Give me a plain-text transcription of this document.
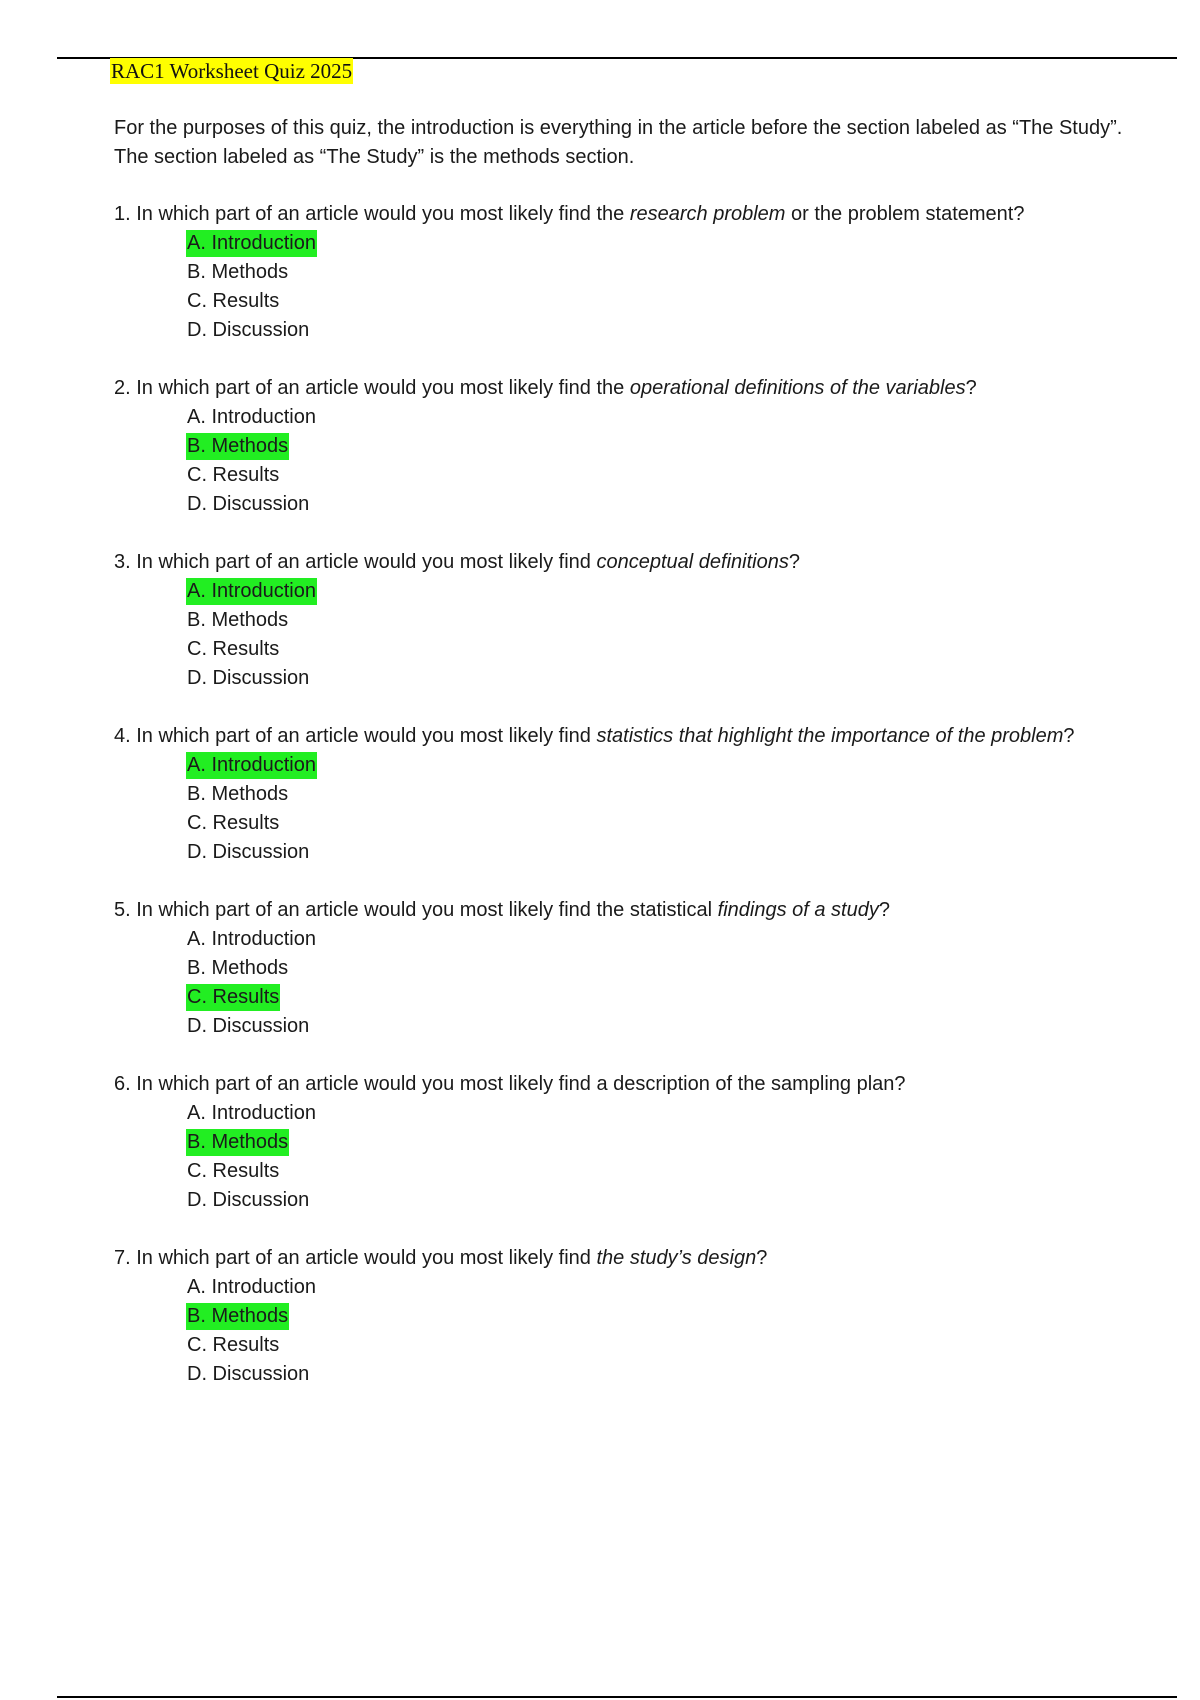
RAC1 Worksheet Quiz 2025

For the purposes of this quiz, the introduction is everything in the article before the section labeled as “The Study”. The section labeled as “The Study” is the methods section.

1. In which part of an article would you most likely find the research problem or the problem statement?

A. Introduction
B. Methods
C. Results
D. Discussion

2. In which part of an article would you most likely find the operational definitions of the variables?

A. Introduction
B. Methods
C. Results
D. Discussion

3. In which part of an article would you most likely find conceptual definitions?

A. Introduction
B. Methods
C. Results
D. Discussion

4. In which part of an article would you most likely find statistics that highlight the importance of the problem?

A. Introduction
B. Methods
C. Results
D. Discussion

5. In which part of an article would you most likely find the statistical findings of a study?

A. Introduction
B. Methods
C. Results
D. Discussion

6. In which part of an article would you most likely find a description of the sampling plan?

A. Introduction
B. Methods
C. Results
D. Discussion

7. In which part of an article would you most likely find the study’s design?

A. Introduction
B. Methods
C. Results
D. Discussion
